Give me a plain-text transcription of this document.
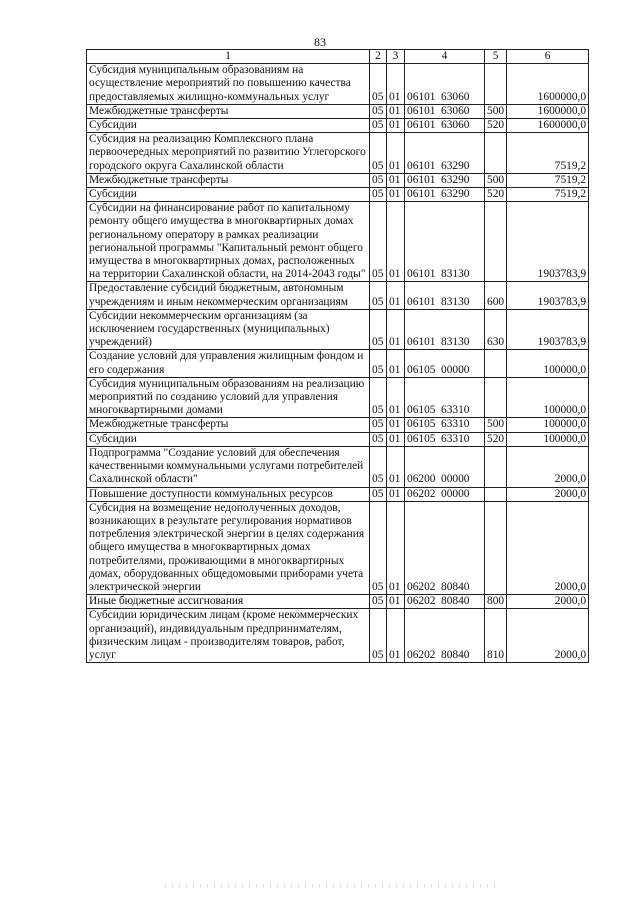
83
1	2	3	4	5	6
Субсидия муниципальным образованиям на осуществление мероприятий по повышению качества предоставляемых жилищно-коммунальных услуг	05	01	06101 63060		1600000,0
Межбюджетные трансферты	05	01	06101 63060	500	1600000,0
Субсидии	05	01	06101 63060	520	1600000,0
Субсидия на реализацию Комплексного плана первоочередных мероприятий по развитию Углегорского городского округа Сахалинской области	05	01	06101 63290		7519,2
Межбюджетные трансферты	05	01	06101 63290	500	7519,2
Субсидии	05	01	06101 63290	520	7519,2
Субсидии на финансирование работ по капитальному ремонту общего имущества в многоквартирных домах региональному оператору в рамках реализации региональной программы "Капитальный ремонт общего имущества в многоквартирных домах, расположенных на территории Сахалинской области, на 2014-2043 годы"	05	01	06101 83130		1903783,9
Предоставление субсидий бюджетным, автономным учреждениям и иным некоммерческим организациям	05	01	06101 83130	600	1903783,9
Субсидии некоммерческим организациям (за исключением государственных (муниципальных) учреждений)	05	01	06101 83130	630	1903783,9
Создание условий для управления жилищным фондом и его содержания	05	01	06105 00000		100000,0
Субсидия муниципальным образованиям на реализацию мероприятий по созданию условий для управления многоквартирными домами	05	01	06105 63310		100000,0
Межбюджетные трансферты	05	01	06105 63310	500	100000,0
Субсидии	05	01	06105 63310	520	100000,0
Подпрограмма "Создание условий для обеспечения качественными коммунальными услугами потребителей Сахалинской области"	05	01	06200 00000		2000,0
Повышение доступности коммунальных ресурсов	05	01	06202 00000		2000,0
Субсидия на возмещение недополученных доходов, возникающих в результате регулирования нормативов потребления электрической энергии в целях содержания общего имущества в многоквартирных домах потребителями, проживающими в многоквартирных домах, оборудованных общедомовыми приборами учета электрической энергии	05	01	06202 80840		2000,0
Иные бюджетные ассигнования	05	01	06202 80840	800	2000,0
Субсидии юридическим лицам (кроме некоммерческих организаций), индивидуальным предпринимателям, физическим лицам - производителям товаров, работ, услуг	05	01	06202 80840	810	2000,0
